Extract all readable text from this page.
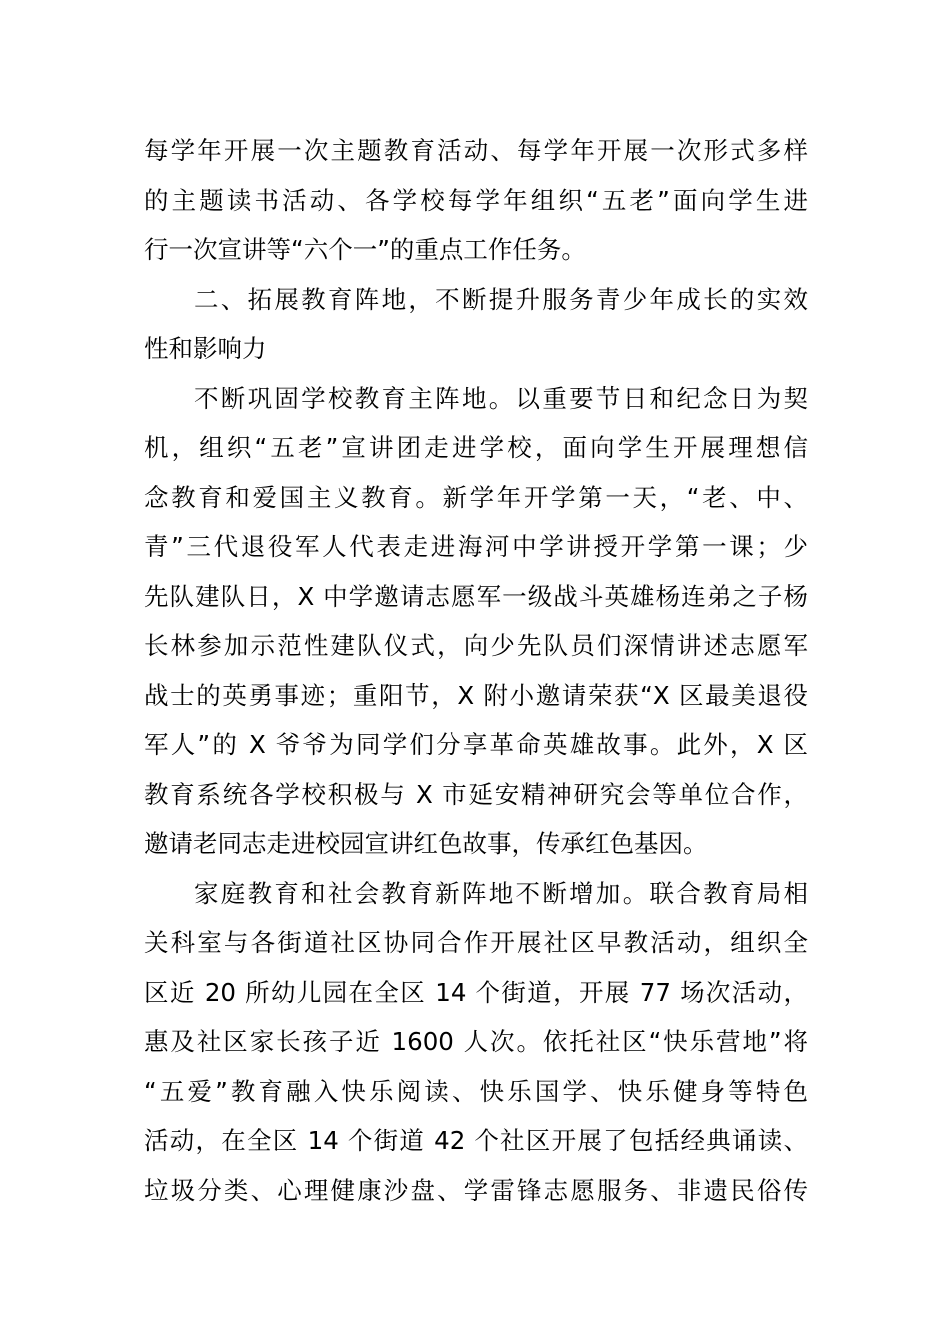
每学年开展一次主题教育活动、每学年开展一次形式多样
的主题读书活动、各学校每学年组织“五老”面向学生进
行一次宣讲等“六个一”的重点工作任务。
二、拓展教育阵地，不断提升服务青少年成长的实效
性和影响力
不断巩固学校教育主阵地。以重要节日和纪念日为契
机，组织“五老”宣讲团走进学校，面向学生开展理想信
念教育和爱国主义教育。新学年开学第一天，“老、中、
青”三代退役军人代表走进海河中学讲授开学第一课；少
先队建队日，X 中学邀请志愿军一级战斗英雄杨连弟之子杨
长林参加示范性建队仪式，向少先队员们深情讲述志愿军
战士的英勇事迹；重阳节，X 附小邀请荣获“X 区最美退役
军人”的 X 爷爷为同学们分享革命英雄故事。此外，X 区
教育系统各学校积极与 X 市延安精神研究会等单位合作，
邀请老同志走进校园宣讲红色故事，传承红色基因。
家庭教育和社会教育新阵地不断增加。联合教育局相
关科室与各街道社区协同合作开展社区早教活动，组织全
区近 20 所幼儿园在全区 14 个街道，开展 77 场次活动，
惠及社区家长孩子近 1600 人次。依托社区“快乐营地”将
“五爱”教育融入快乐阅读、快乐国学、快乐健身等特色
活动，在全区 14 个街道 42 个社区开展了包括经典诵读、
垃圾分类、心理健康沙盘、学雷锋志愿服务、非遗民俗传
